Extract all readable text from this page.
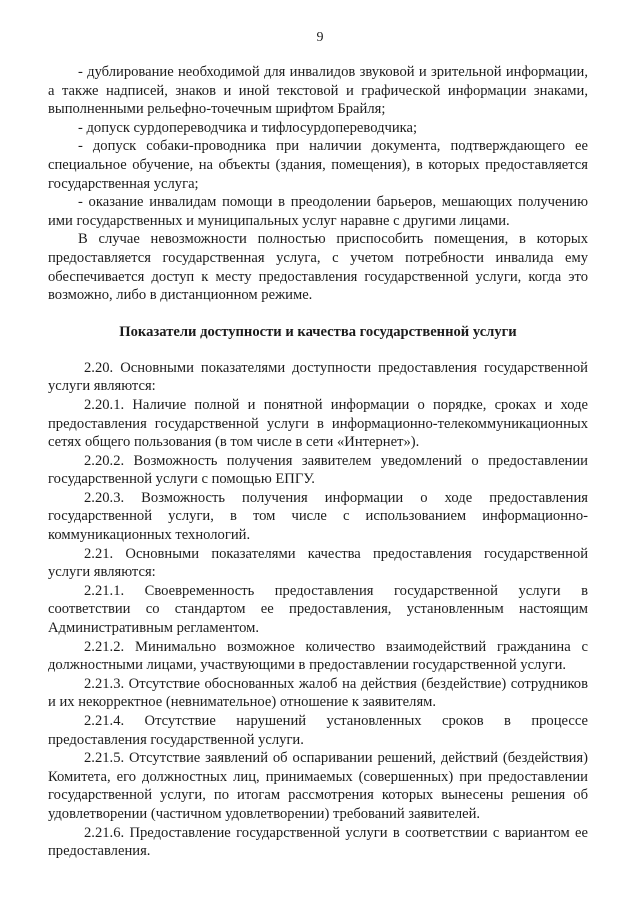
9

- дублирование необходимой для инвалидов звуковой и зрительной информации, а также надписей, знаков и иной текстовой и графической информации знаками, выполненными рельефно-точечным шрифтом Брайля;

- допуск сурдопереводчика и тифлосурдопереводчика;

- допуск собаки-проводника при наличии документа, подтверждающего ее специальное обучение, на объекты (здания, помещения), в которых предоставляется государственная услуга;

- оказание инвалидам помощи в преодолении барьеров, мешающих получению ими государственных и муниципальных услуг наравне с другими лицами.

В случае невозможности полностью приспособить помещения, в которых предоставляется государственная услуга, с учетом потребности инвалида ему обеспечивается доступ к месту предоставления государственной услуги, когда это возможно, либо в дистанционном режиме.

Показатели доступности и качества государственной услуги

2.20. Основными показателями доступности предоставления государственной услуги являются:

2.20.1. Наличие полной и понятной информации о порядке, сроках и ходе предоставления государственной услуги в информационно-телекоммуникационных сетях общего пользования (в том числе в сети «Интернет»).

2.20.2. Возможность получения заявителем уведомлений о предоставлении государственной услуги с помощью ЕПГУ.

2.20.3. Возможность получения информации о ходе предоставления государственной услуги, в том числе с использованием информационно-коммуникационных технологий.

2.21. Основными показателями качества предоставления государственной услуги являются:

2.21.1. Своевременность предоставления государственной услуги в соответствии со стандартом ее предоставления, установленным настоящим Административным регламентом.

2.21.2. Минимально возможное количество взаимодействий гражданина с должностными лицами, участвующими в предоставлении государственной услуги.

2.21.3. Отсутствие обоснованных жалоб на действия (бездействие) сотрудников и их некорректное (невнимательное) отношение к заявителям.

2.21.4. Отсутствие нарушений установленных сроков в процессе предоставления государственной услуги.

2.21.5. Отсутствие заявлений об оспаривании решений, действий (бездействия) Комитета, его должностных лиц, принимаемых (совершенных) при предоставлении государственной услуги, по итогам рассмотрения которых вынесены решения об удовлетворении (частичном удовлетворении) требований заявителей.

2.21.6. Предоставление государственной услуги в соответствии с вариантом ее предоставления.
